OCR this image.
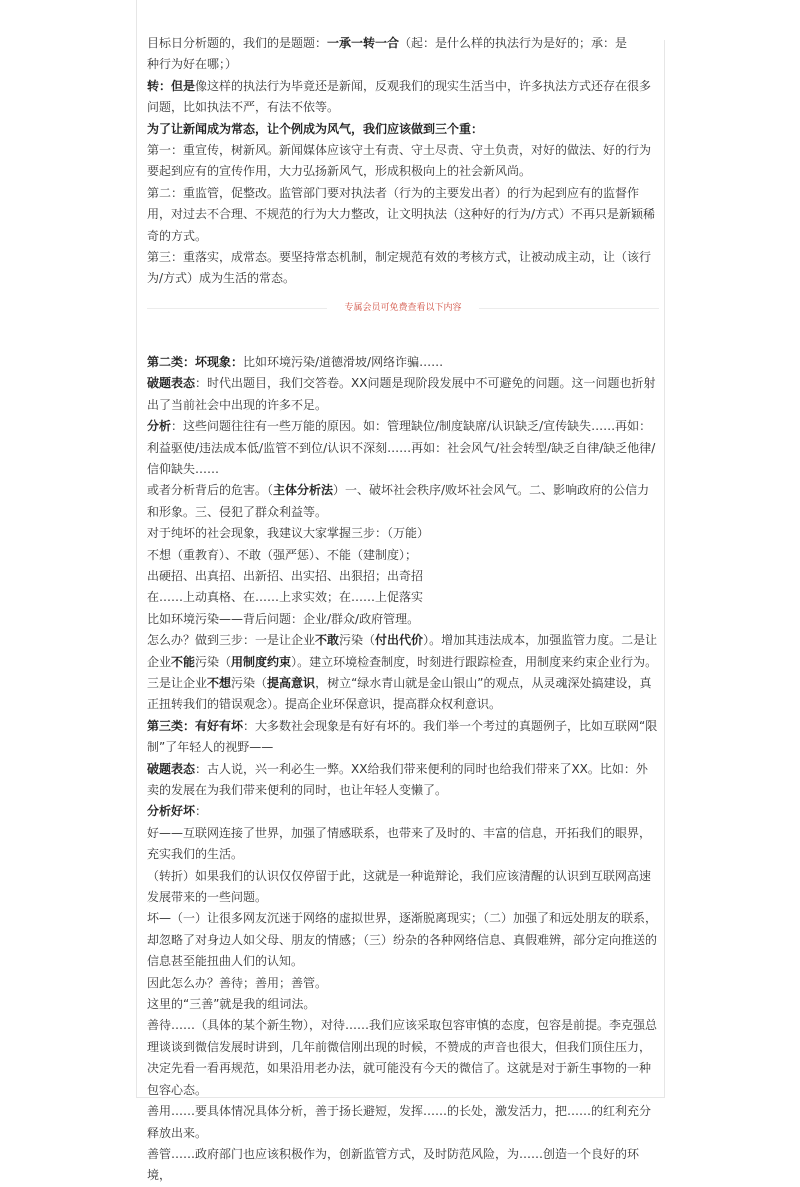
目标日分析题的，我们的是题题：一承一转一合（起：是什么样的执法行为是好的；承：是

种行为好在哪；）

转：但是像这样的执法行为毕竟还是新闻，反观我们的现实生活当中，许多执法方式还存在很多问题，比如执法不严，有法不依等。

为了让新闻成为常态，让个例成为风气，我们应该做到三个重：

第一：重宣传，树新风。新闻媒体应该守土有责、守土尽责、守土负责，对好的做法、好的行为要起到应有的宣传作用，大力弘扬新风气，形成积极向上的社会新风尚。

第二：重监管，促整改。监管部门要对执法者（行为的主要发出者）的行为起到应有的监督作用，对过去不合理、不规范的行为大力整改，让文明执法（这种好的行为/方式）不再只是新颖稀奇的方式。

第三：重落实，成常态。要坚持常态机制，制定规范有效的考核方式，让被动成主动，让（该行为/方式）成为生活的常态。

专属会员可免费查看以下内容

第二类：坏现象：比如环境污染/道德滑坡/网络诈骗……

破题表态：时代出题目，我们交答卷。XX问题是现阶段发展中不可避免的问题。这一问题也折射出了当前社会中出现的许多不足。

分析：这些问题往往有一些万能的原因。如：管理缺位/制度缺席/认识缺乏/宣传缺失……再如：利益驱使/违法成本低/监管不到位/认识不深刻……再如：社会风气/社会转型/缺乏自律/缺乏他律/信仰缺失……

或者分析背后的危害。（主体分析法）一、破坏社会秩序/败坏社会风气。二、影响政府的公信力和形象。三、侵犯了群众利益等。

对于纯坏的社会现象，我建议大家掌握三步：（万能）

不想（重教育）、不敢（强严惩）、不能（建制度）；

出硬招、出真招、出新招、出实招、出狠招；出奇招

在……上动真格、在……上求实效；在……上促落实

比如环境污染——背后问题：企业/群众/政府管理。

怎么办？做到三步：一是让企业不敢污染（付出代价）。增加其违法成本，加强监管力度。二是让企业不能污染（用制度约束）。建立环境检查制度，时刻进行跟踪检查，用制度来约束企业行为。三是让企业不想污染（提高意识，树立“绿水青山就是金山银山”的观点，从灵魂深处搞建设，真正扭转我们的错误观念）。提高企业环保意识，提高群众权利意识。

第三类：有好有坏：大多数社会现象是有好有坏的。我们举一个考过的真题例子，比如互联网“限制”了年轻人的视野——

破题表态：古人说，兴一利必生一弊。XX给我们带来便利的同时也给我们带来了XX。比如：外卖的发展在为我们带来便利的同时，也让年轻人变懒了。

分析好坏：

好——互联网连接了世界，加强了情感联系，也带来了及时的、丰富的信息，开拓我们的眼界，充实我们的生活。

（转折）如果我们的认识仅仅停留于此，这就是一种诡辩论，我们应该清醒的认识到互联网高速发展带来的一些问题。

坏—（一）让很多网友沉迷于网络的虚拟世界，逐渐脱离现实；（二）加强了和远处朋友的联系，却忽略了对身边人如父母、朋友的情感；（三）纷杂的各种网络信息、真假难辨，部分定向推送的信息甚至能扭曲人们的认知。

因此怎么办？善待；善用；善管。

这里的“三善”就是我的组词法。

善待……（具体的某个新生物），对待……我们应该采取包容审慎的态度，包容是前提。李克强总理谈谈到微信发展时讲到，几年前微信刚出现的时候，不赞成的声音也很大，但我们顶住压力，决定先看一看再规范，如果沿用老办法，就可能没有今天的微信了。这就是对于新生事物的一种包容心态。

善用……要具体情况具体分析，善于扬长避短，发挥……的长处，激发活力，把……的红利充分释放出来。

善管……政府部门也应该积极作为，创新监管方式，及时防范风险，为……创造一个良好的环境，
